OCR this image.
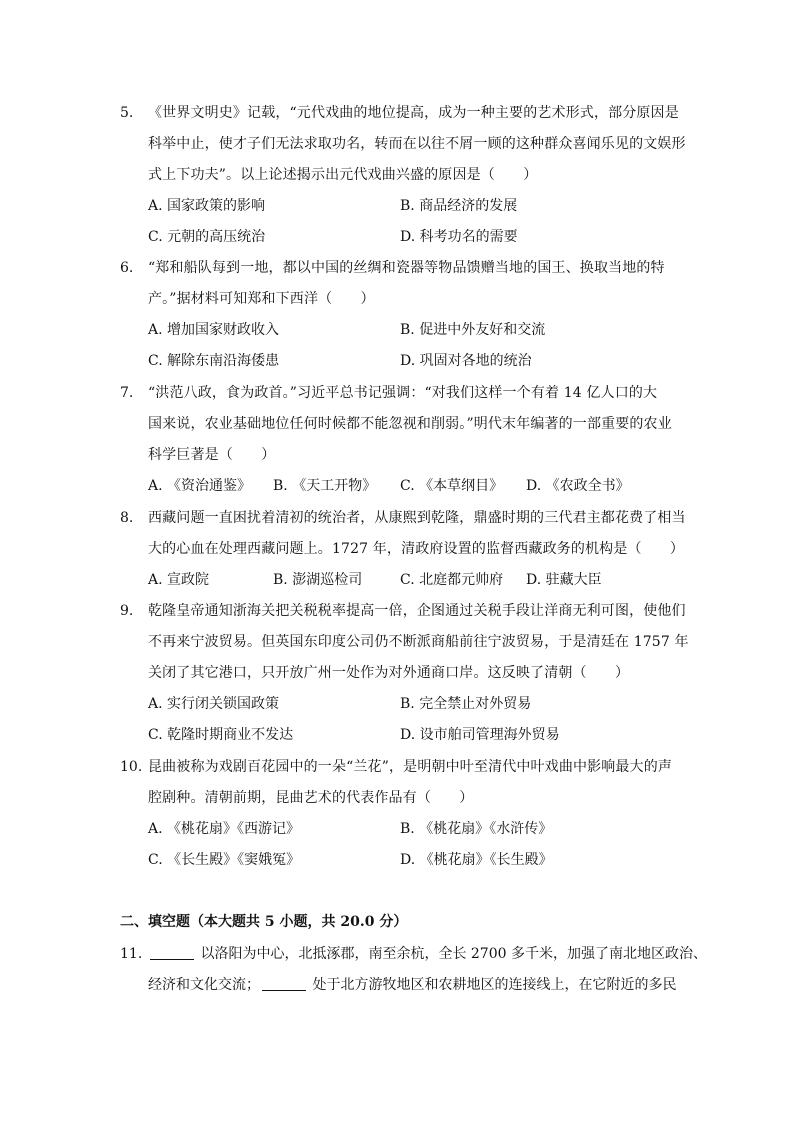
5. 《世界文明史》记载，“元代戏曲的地位提高，成为一种主要的艺术形式，部分原因是
科举中止，使才子们无法求取功名，转而在以往不屑一顾的这种群众喜闻乐见的文娱形
式上下功夫”。以上论述揭示出元代戏曲兴盛的原因是（　　）
A. 国家政策的影响	B. 商品经济的发展
C. 元朝的高压统治	D. 科考功名的需要
6. “郑和船队每到一地，都以中国的丝绸和瓷器等物品馈赠当地的国王、换取当地的特
产。”据材料可知郑和下西洋（　　）
A. 增加国家财政收入	B. 促进中外友好和交流
C. 解除东南沿海倭患	D. 巩固对各地的统治
7. “洪范八政，食为政首。”习近平总书记强调：“对我们这样一个有着 14 亿人口的大
国来说，农业基础地位任何时候都不能忽视和削弱。”明代末年编著的一部重要的农业
科学巨著是（　　）
A. 《资治通鉴》 B. 《天工开物》 C. 《本草纲目》 D. 《农政全书》
8. 西藏问题一直困扰着清初的统治者，从康熙到乾隆，鼎盛时期的三代君主都花费了相当
大的心血在处理西藏问题上。1727 年，清政府设置的监督西藏政务的机构是（　　）
A. 宣政院	B. 澎湖巡检司	C. 北庭都元帅府 D. 驻藏大臣
9. 乾隆皇帝通知浙海关把关税税率提高一倍，企图通过关税手段让洋商无利可图，使他们
不再来宁波贸易。但英国东印度公司仍不断派商船前往宁波贸易，于是清廷在 1757 年
关闭了其它港口，只开放广州一处作为对外通商口岸。这反映了清朝（　　）
A. 实行闭关锁国政策	B. 完全禁止对外贸易
C. 乾隆时期商业不发达	D. 设市舶司管理海外贸易
10. 昆曲被称为戏剧百花园中的一朵“兰花”，是明朝中叶至清代中叶戏曲中影响最大的声
腔剧种。清朝前期，昆曲艺术的代表作品有（　　）
A. 《桃花扇》《西游记》	B. 《桃花扇》《水浒传》
C. 《长生殿》《窦娥冤》	D. 《桃花扇》《长生殿》
二、填空题（本大题共 5 小题，共 20.0 分）
11.	以洛阳为中心，北抵涿郡，南至余杭，全长 2700 多千米，加强了南北地区政治、
经济和文化交流；	处于北方游牧地区和农耕地区的连接线上，在它附近的多民
